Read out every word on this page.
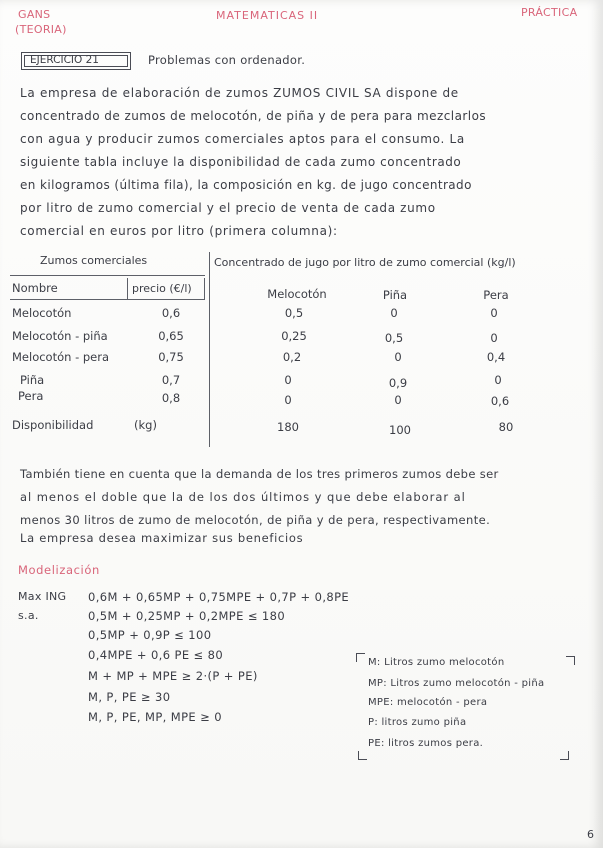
GANS
(TEORIA)
MATEMATICAS II	PRÁCTICA
EJERCICIO 21	Problemas con ordenador.
La empresa de elaboración de zumos ZUMOS CIVIL SA dispone de
concentrado de zumos de melocotón, de piña y de pera para mezclarlos
con agua y producir zumos comerciales aptos para el consumo. La
siguiente tabla incluye la disponibilidad de cada zumo concentrado
en kilogramos (última fila), la composición en kg. de jugo concentrado
por litro de zumo comercial y el precio de venta de cada zumo
comercial en euros por litro (primera columna):
Zumos comerciales	Concentrado de jugo por litro de zumo comercial (kg/l)
Nombre	precio (€/l)	Melocotón	Piña	Pera
Melocotón	0,6	0,5	0	0
Melocotón - piña	0,65	0,25	0,5	0
Melocotón - pera	0,75	0,2	0	0,4
Piña	0,7	0	0,9	0
Pera	0,8	0	0	0,6
Disponibilidad	(kg)	180	100	80
También tiene en cuenta que la demanda de los tres primeros zumos debe ser
al menos el doble que la de los dos últimos y que debe elaborar al
menos 30 litros de zumo de melocotón, de piña y de pera, respectivamente.
La empresa desea maximizar sus beneficios
Modelización
Max ING
s.a.
0,6M + 0,65MP + 0,75MPE + 0,7P + 0,8PE
0,5M + 0,25MP + 0,2MPE ≤ 180
0,5MP + 0,9P ≤ 100
0,4MPE + 0,6 PE ≤ 80
M + MP + MPE ≥ 2·(P + PE)
M, P, PE ≥ 30
M, P, PE, MP, MPE ≥ 0
M: Litros zumo melocotón
MP: Litros zumo melocotón - piña
MPE: melocotón - pera
P: litros zumo piña
PE: litros zumos pera.
6
